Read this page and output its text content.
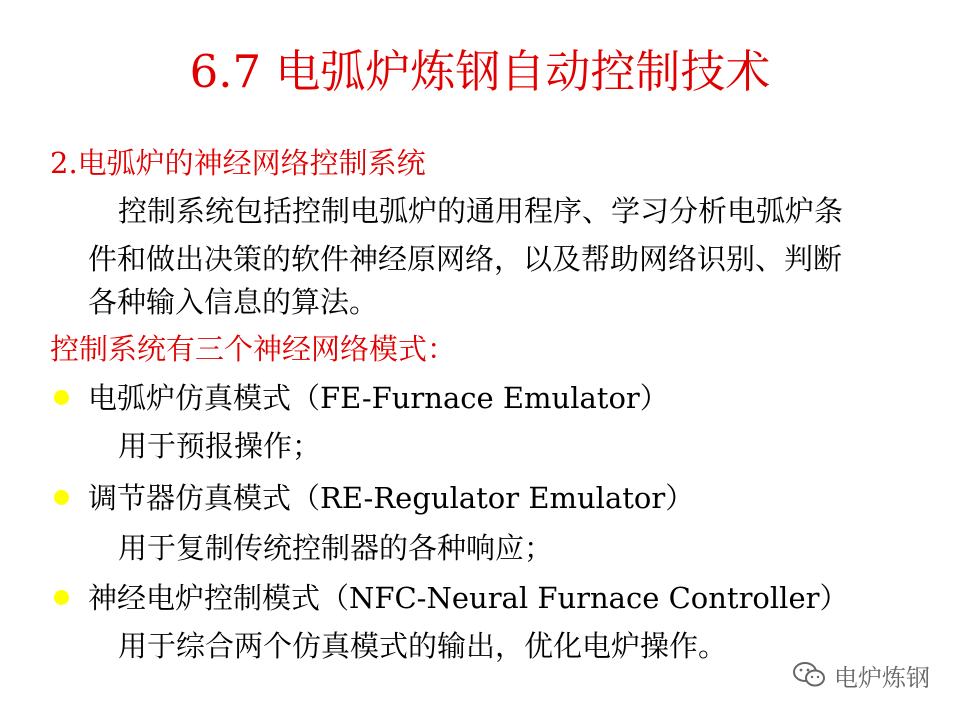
6.7 电弧炉炼钢自动控制技术
2.电弧炉的神经网络控制系统
控制系统包括控制电弧炉的通用程序、学习分析电弧炉条
件和做出决策的软件神经原网络，以及帮助网络识别、判断
各种输入信息的算法。
控制系统有三个神经网络模式：
电弧炉仿真模式（FE-Furnace Emulator）
用于预报操作；
调节器仿真模式（RE-Regulator Emulator）
用于复制传统控制器的各种响应；
神经电炉控制模式（NFC-Neural Furnace Controller）
用于综合两个仿真模式的输出，优化电炉操作。
电炉炼钢
